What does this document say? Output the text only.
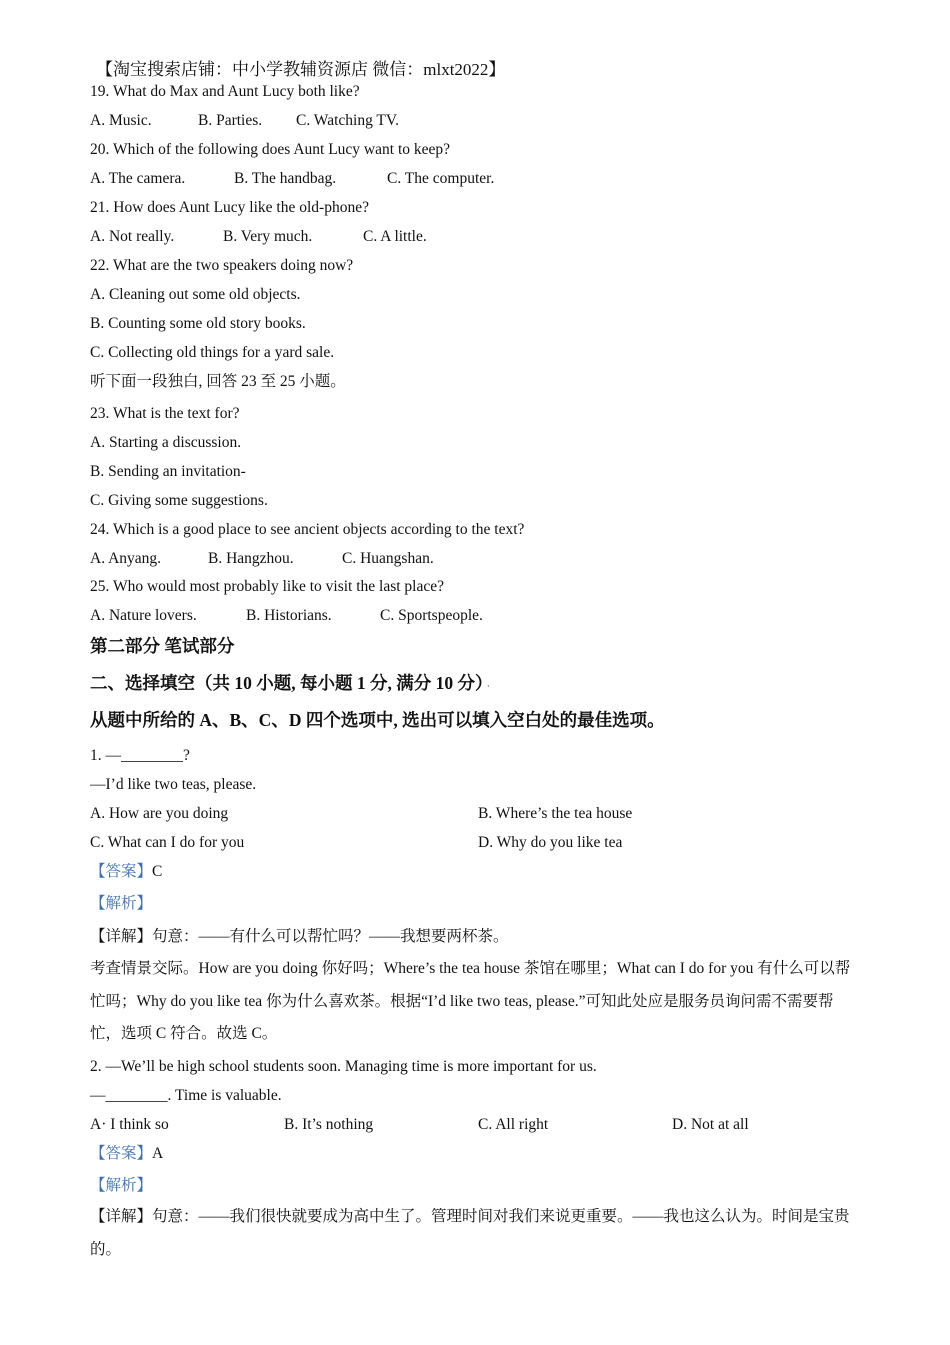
【淘宝搜索店铺：中小学教辅资源店 微信：mlxt2022】
19. What do Max and Aunt Lucy both like?
A. Music.	B. Parties. C. Watching TV.
20. Which of the following does Aunt Lucy want to keep?
A. The camera.	B. The handbag.	C. The computer.
21. How does Aunt Lucy like the old-phone?
A. Not really.	B. Very much.	C. A little.
22. What are the two speakers doing now?
A. Cleaning out some old objects.
B. Counting some old story books.
C. Collecting old things for a yard sale.
听下面一段独白, 回答 23 至 25 小题。
23. What is the text for?
A. Starting a discussion.
B. Sending an invitation-
C. Giving some suggestions.
24. Which is a good place to see ancient objects according to the text?
A. Anyang.	B. Hangzhou.	C. Huangshan.
25. Who would most probably like to visit the last place?
A. Nature lovers.	B. Historians.	C. Sportspeople.
第二部分 笔试部分
二、选择填空（共 10 小题, 每小题 1 分, 满分 10 分） ·
从题中所给的 A、B、C、D 四个选项中, 选出可以填入空白处的最佳选项。
1. —________?
—I’d like two teas, please.
A. How are you doing	B. Where’s the tea house
C. What can I do for you	D. Why do you like tea
【答案】C
【解析】
【详解】句意：——有什么可以帮忙吗？——我想要两杯茶。
考查情景交际。How are you doing 你好吗；Where’s the tea house 茶馆在哪里；What can I do for you 有什么可以帮忙吗；Why do you like tea 你为什么喜欢茶。根据“I’d like two teas, please.”可知此处应是服务员询问需不需要帮忙，选项 C 符合。故选 C。
2. —We’ll be high school students soon. Managing time is more important for us.
—________. Time is valuable.
A· I think so	B. It’s nothing	C. All right	D. Not at all
【答案】A
【解析】
【详解】句意：——我们很快就要成为高中生了。管理时间对我们来说更重要。——我也这么认为。时间是宝贵的。
